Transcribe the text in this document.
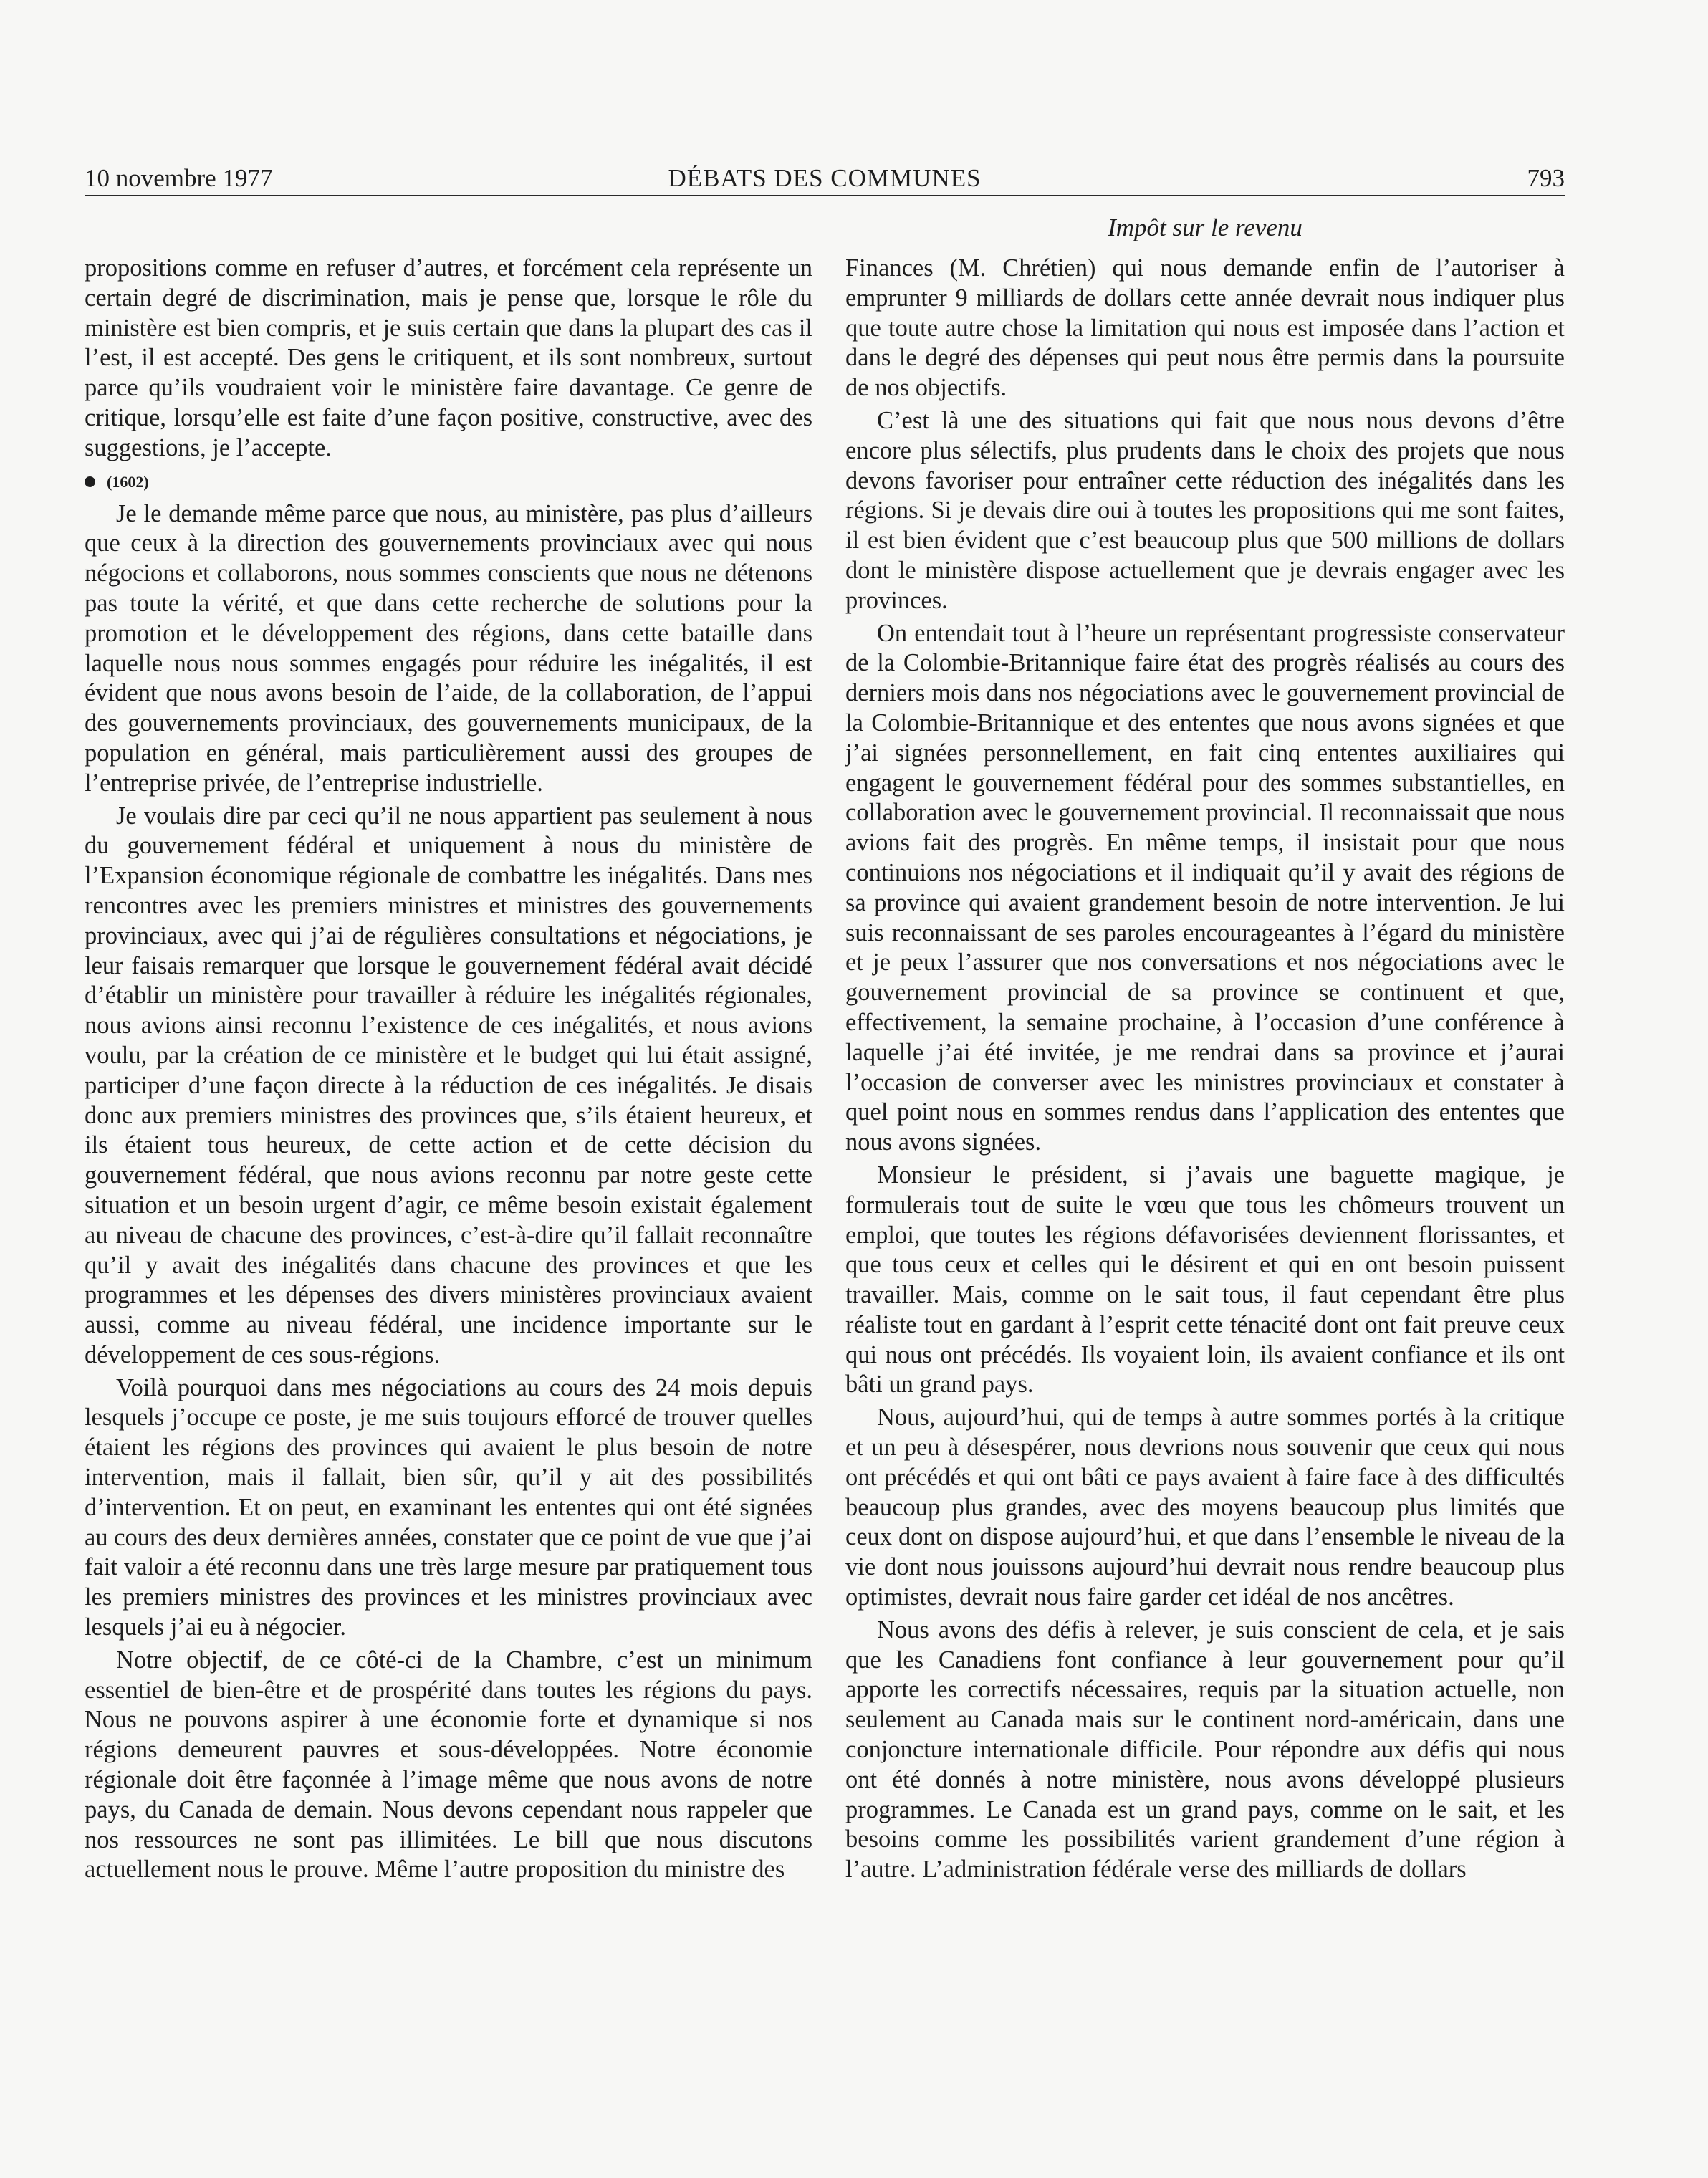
10 novembre 1977	DÉBATS DES COMMUNES	793
Impôt sur le revenu

propositions comme en refuser d’autres, et forcément cela représente un certain degré de discrimination, mais je pense que, lorsque le rôle du ministère est bien compris, et je suis certain que dans la plupart des cas il l’est, il est accepté. Des gens le critiquent, et ils sont nombreux, surtout parce qu’ils voudraient voir le ministère faire davantage. Ce genre de critique, lorsqu’elle est faite d’une façon positive, constructive, avec des suggestions, je l’accepte.

(1602)

Je le demande même parce que nous, au ministère, pas plus d’ailleurs que ceux à la direction des gouvernements provinciaux avec qui nous négocions et collaborons, nous sommes conscients que nous ne détenons pas toute la vérité, et que dans cette recherche de solutions pour la promotion et le développement des régions, dans cette bataille dans laquelle nous nous sommes engagés pour réduire les inégalités, il est évident que nous avons besoin de l’aide, de la collaboration, de l’appui des gouvernements provinciaux, des gouvernements municipaux, de la population en général, mais particulièrement aussi des groupes de l’entreprise privée, de l’entreprise industrielle.

Je voulais dire par ceci qu’il ne nous appartient pas seulement à nous du gouvernement fédéral et uniquement à nous du ministère de l’Expansion économique régionale de combattre les inégalités. Dans mes rencontres avec les premiers ministres et ministres des gouvernements provinciaux, avec qui j’ai de régulières consultations et négociations, je leur faisais remarquer que lorsque le gouvernement fédéral avait décidé d’établir un ministère pour travailler à réduire les inégalités régionales, nous avions ainsi reconnu l’existence de ces inégalités, et nous avions voulu, par la création de ce ministère et le budget qui lui était assigné, participer d’une façon directe à la réduction de ces inégalités. Je disais donc aux premiers ministres des provinces que, s’ils étaient heureux, et ils étaient tous heureux, de cette action et de cette décision du gouvernement fédéral, que nous avions reconnu par notre geste cette situation et un besoin urgent d’agir, ce même besoin existait également au niveau de chacune des provinces, c’est-à-dire qu’il fallait reconnaître qu’il y avait des inégalités dans chacune des provinces et que les programmes et les dépenses des divers ministères provinciaux avaient aussi, comme au niveau fédéral, une incidence importante sur le développement de ces sous-régions.

Voilà pourquoi dans mes négociations au cours des 24 mois depuis lesquels j’occupe ce poste, je me suis toujours efforcé de trouver quelles étaient les régions des provinces qui avaient le plus besoin de notre intervention, mais il fallait, bien sûr, qu’il y ait des possibilités d’intervention. Et on peut, en examinant les ententes qui ont été signées au cours des deux dernières années, constater que ce point de vue que j’ai fait valoir a été reconnu dans une très large mesure par pratiquement tous les premiers ministres des provinces et les ministres provinciaux avec lesquels j’ai eu à négocier.

Notre objectif, de ce côté-ci de la Chambre, c’est un minimum essentiel de bien-être et de prospérité dans toutes les régions du pays. Nous ne pouvons aspirer à une économie forte et dynamique si nos régions demeurent pauvres et sous-développées. Notre économie régionale doit être façonnée à l’image même que nous avons de notre pays, du Canada de demain. Nous devons cependant nous rappeler que nos ressources ne sont pas illimitées. Le bill que nous discutons actuellement nous le prouve. Même l’autre proposition du ministre des

Finances (M. Chrétien) qui nous demande enfin de l’autoriser à emprunter 9 milliards de dollars cette année devrait nous indiquer plus que toute autre chose la limitation qui nous est imposée dans l’action et dans le degré des dépenses qui peut nous être permis dans la poursuite de nos objectifs.

C’est là une des situations qui fait que nous nous devons d’être encore plus sélectifs, plus prudents dans le choix des projets que nous devons favoriser pour entraîner cette réduction des inégalités dans les régions. Si je devais dire oui à toutes les propositions qui me sont faites, il est bien évident que c’est beaucoup plus que 500 millions de dollars dont le ministère dispose actuellement que je devrais engager avec les provinces.

On entendait tout à l’heure un représentant progressiste conservateur de la Colombie-Britannique faire état des progrès réalisés au cours des derniers mois dans nos négociations avec le gouvernement provincial de la Colombie-Britannique et des ententes que nous avons signées et que j’ai signées personnellement, en fait cinq ententes auxiliaires qui engagent le gouvernement fédéral pour des sommes substantielles, en collaboration avec le gouvernement provincial. Il reconnaissait que nous avions fait des progrès. En même temps, il insistait pour que nous continuions nos négociations et il indiquait qu’il y avait des régions de sa province qui avaient grandement besoin de notre intervention. Je lui suis reconnaissant de ses paroles encourageantes à l’égard du ministère et je peux l’assurer que nos conversations et nos négociations avec le gouvernement provincial de sa province se continuent et que, effectivement, la semaine prochaine, à l’occasion d’une conférence à laquelle j’ai été invitée, je me rendrai dans sa province et j’aurai l’occasion de converser avec les ministres provinciaux et constater à quel point nous en sommes rendus dans l’application des ententes que nous avons signées.

Monsieur le président, si j’avais une baguette magique, je formulerais tout de suite le vœu que tous les chômeurs trouvent un emploi, que toutes les régions défavorisées deviennent florissantes, et que tous ceux et celles qui le désirent et qui en ont besoin puissent travailler. Mais, comme on le sait tous, il faut cependant être plus réaliste tout en gardant à l’esprit cette ténacité dont ont fait preuve ceux qui nous ont précédés. Ils voyaient loin, ils avaient confiance et ils ont bâti un grand pays.

Nous, aujourd’hui, qui de temps à autre sommes portés à la critique et un peu à désespérer, nous devrions nous souvenir que ceux qui nous ont précédés et qui ont bâti ce pays avaient à faire face à des difficultés beaucoup plus grandes, avec des moyens beaucoup plus limités que ceux dont on dispose aujourd’hui, et que dans l’ensemble le niveau de la vie dont nous jouissons aujourd’hui devrait nous rendre beaucoup plus optimistes, devrait nous faire garder cet idéal de nos ancêtres.

Nous avons des défis à relever, je suis conscient de cela, et je sais que les Canadiens font confiance à leur gouvernement pour qu’il apporte les correctifs nécessaires, requis par la situation actuelle, non seulement au Canada mais sur le continent nord-américain, dans une conjoncture internationale difficile. Pour répondre aux défis qui nous ont été donnés à notre ministère, nous avons développé plusieurs programmes. Le Canada est un grand pays, comme on le sait, et les besoins comme les possibilités varient grandement d’une région à l’autre. L’administration fédérale verse des milliards de dollars
